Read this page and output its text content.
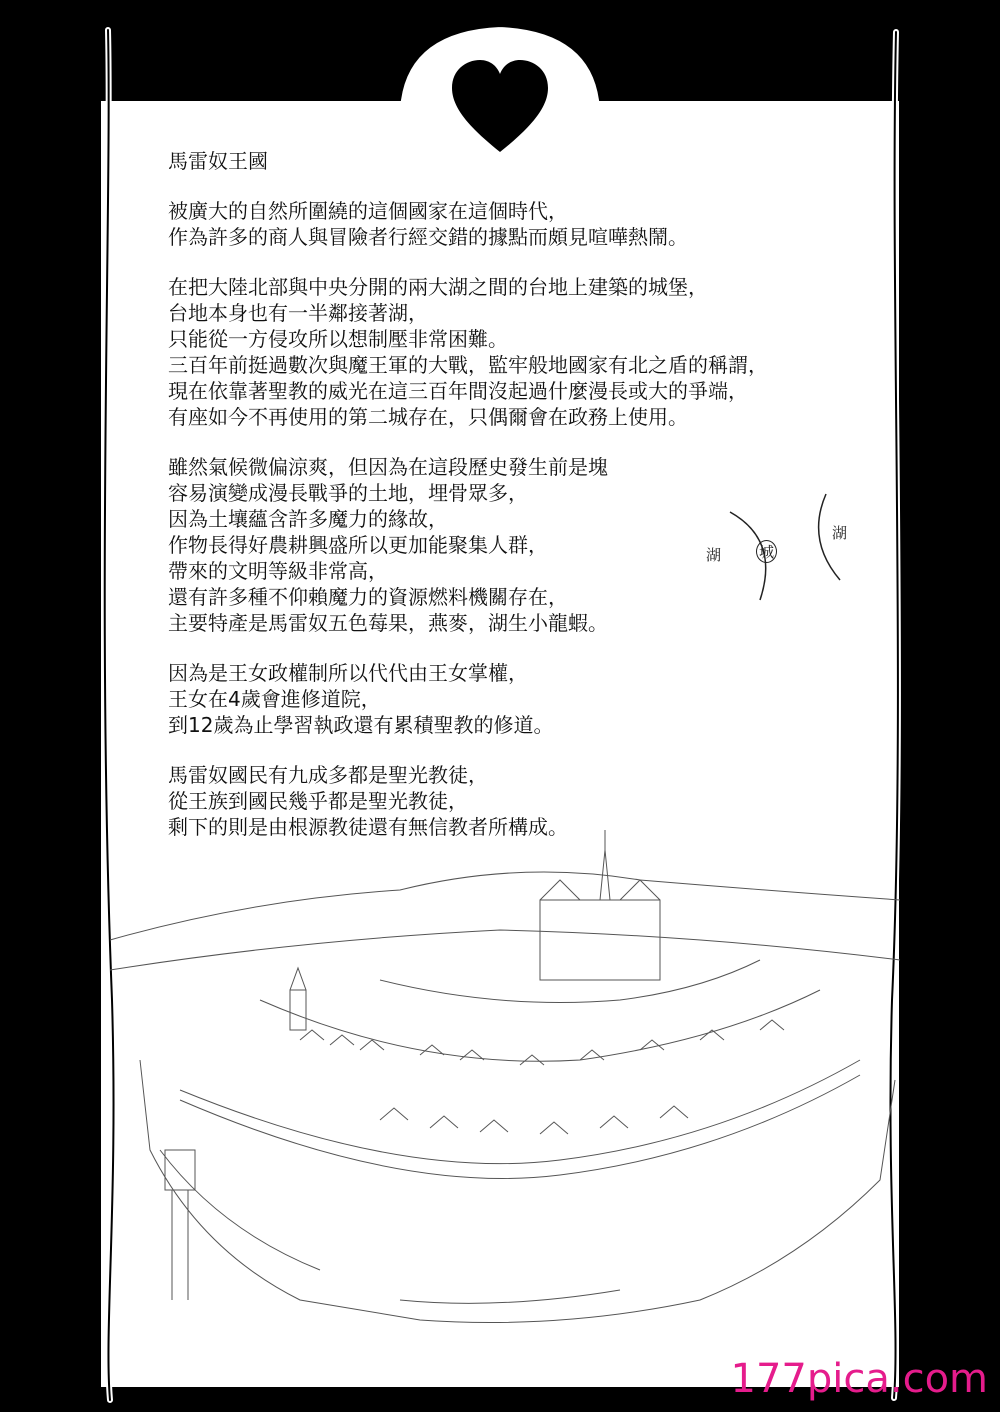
馬雷奴王國

被廣大的自然所圍繞的這個國家在這個時代，

作為許多的商人與冒險者行經交錯的據點而頗見喧嘩熱鬧。

在把大陸北部與中央分開的兩大湖之間的台地上建築的城堡，

台地本身也有一半鄰接著湖，

只能從一方侵攻所以想制壓非常困難。

三百年前挺過數次與魔王軍的大戰，監牢般地國家有北之盾的稱謂，

現在依靠著聖教的威光在這三百年間沒起過什麼漫長或大的爭端，

有座如今不再使用的第二城存在，只偶爾會在政務上使用。

雖然氣候微偏涼爽，但因為在這段歷史發生前是塊

容易演變成漫長戰爭的土地，埋骨眾多，

因為土壤蘊含許多魔力的緣故，

作物長得好農耕興盛所以更加能聚集人群，

帶來的文明等級非常高，

還有許多種不仰賴魔力的資源燃料機關存在，

主要特產是馬雷奴五色莓果，燕麥，湖生小龍蝦。

因為是王女政權制所以代代由王女掌權，

王女在4歲會進修道院，

到12歲為止學習執政還有累積聖教的修道。

馬雷奴國民有九成多都是聖光教徒，

從王族到國民幾乎都是聖光教徒，

剩下的則是由根源教徒還有無信教者所構成。

湖	城
湖
177pica.com
